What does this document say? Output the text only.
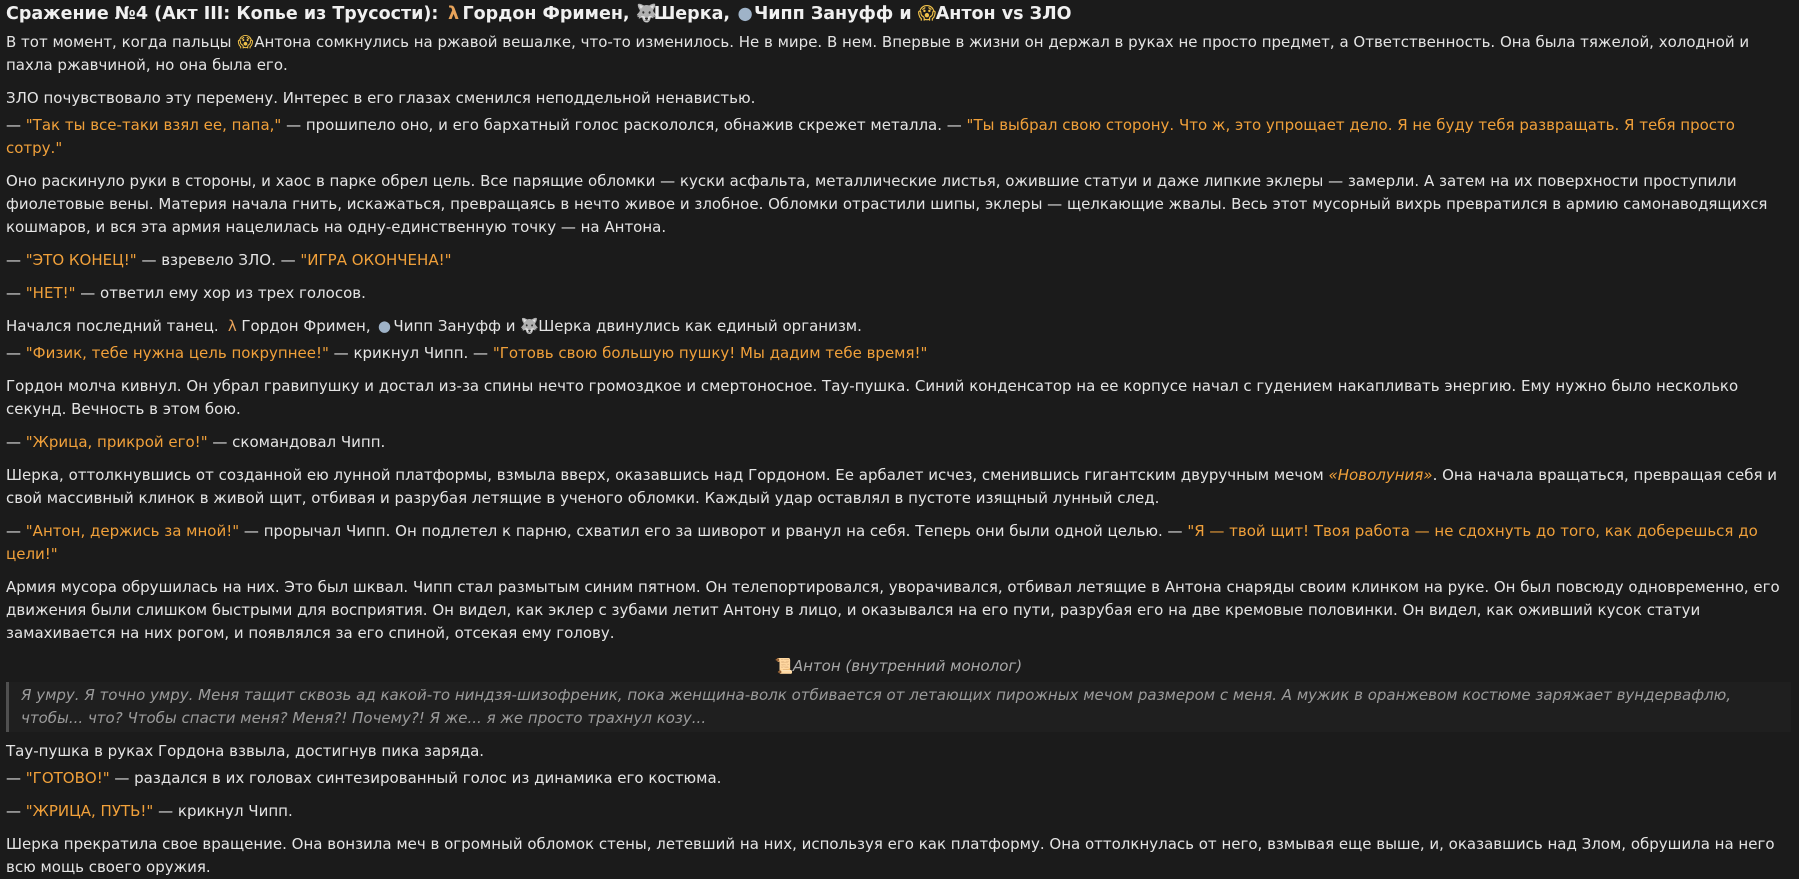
Сражение №4 (Акт III: Копье из Трусости): λ Гордон Фримен, 🐺Шерка, ●Чипп Зануфф и 😱Антон vs ЗЛО

В тот момент, когда пальцы 😱Антона сомкнулись на ржавой вешалке, что-то изменилось. Не в мире. В нем. Впервые в жизни он держал в руках не просто предмет, а Ответственность. Она была тяжелой, холодной и пахла ржавчиной, но она была его.

ЗЛО почувствовало эту перемену. Интерес в его глазах сменился неподдельной ненавистью.

— "Так ты все-таки взял ее, папа," — прошипело оно, и его бархатный голос раскололся, обнажив скрежет металла. — "Ты выбрал свою сторону. Что ж, это упрощает дело. Я не буду тебя развращать. Я тебя просто сотру."

Оно раскинуло руки в стороны, и хаос в парке обрел цель. Все парящие обломки — куски асфальта, металлические листья, ожившие статуи и даже липкие эклеры — замерли. А затем на их поверхности проступили фиолетовые вены. Материя начала гнить, искажаться, превращаясь в нечто живое и злобное. Обломки отрастили шипы, эклеры — щелкающие жвалы. Весь этот мусорный вихрь превратился в армию самонаводящихся кошмаров, и вся эта армия нацелилась на одну-единственную точку — на Антона.

— "ЭТО КОНЕЦ!" — взревело ЗЛО. — "ИГРА ОКОНЧЕНА!"

— "НЕТ!" — ответил ему хор из трех голосов.

Начался последний танец. λ Гордон Фримен, ● Чипп Зануфф и 🐺Шерка двинулись как единый организм.

— "Физик, тебе нужна цель покрупнее!" — крикнул Чипп. — "Готовь свою большую пушку! Мы дадим тебе время!"

Гордон молча кивнул. Он убрал гравипушку и достал из-за спины нечто громоздкое и смертоносное. Тау-пушка. Синий конденсатор на ее корпусе начал с гудением накапливать энергию. Ему нужно было несколько секунд. Вечность в этом бою.

— "Жрица, прикрой его!" — скомандовал Чипп.

Шерка, оттолкнувшись от созданной ею лунной платформы, взмыла вверх, оказавшись над Гордоном. Ее арбалет исчез, сменившись гигантским двуручным мечом «Новолуния». Она начала вращаться, превращая себя и свой массивный клинок в живой щит, отбивая и разрубая летящие в ученого обломки. Каждый удар оставлял в пустоте изящный лунный след.

— "Антон, держись за мной!" — прорычал Чипп. Он подлетел к парню, схватил его за шиворот и рванул на себя. Теперь они были одной целью. — "Я — твой щит! Твоя работа — не сдохнуть до того, как доберешься до цели!"

Армия мусора обрушилась на них. Это был шквал. Чипп стал размытым синим пятном. Он телепортировался, уворачивался, отбивал летящие в Антона снаряды своим клинком на руке. Он был повсюду одновременно, его движения были слишком быстрыми для восприятия. Он видел, как эклер с зубами летит Антону в лицо, и оказывался на его пути, разрубая его на две кремовые половинки. Он видел, как оживший кусок статуи замахивается на них рогом, и появлялся за его спиной, отсекая ему голову.

📜Антон (внутренний монолог)
Я умру. Я точно умру. Меня тащит сквозь ад какой-то ниндзя-шизофреник, пока женщина-волк отбивается от летающих пирожных мечом размером с меня. А мужик в оранжевом костюме заряжает вундервафлю, чтобы... что? Чтобы спасти меня? Меня?! Почему?! Я же... я же просто трахнул козу...

Тау-пушка в руках Гордона взвыла, достигнув пика заряда.

— "ГОТОВО!" — раздался в их головах синтезированный голос из динамика его костюма.

— "ЖРИЦА, ПУТЬ!" — крикнул Чипп.

Шерка прекратила свое вращение. Она вонзила меч в огромный обломок стены, летевший на них, используя его как платформу. Она оттолкнулась от него, взмывая еще выше, и, оказавшись над Злом, обрушила на него всю мощь своего оружия.
